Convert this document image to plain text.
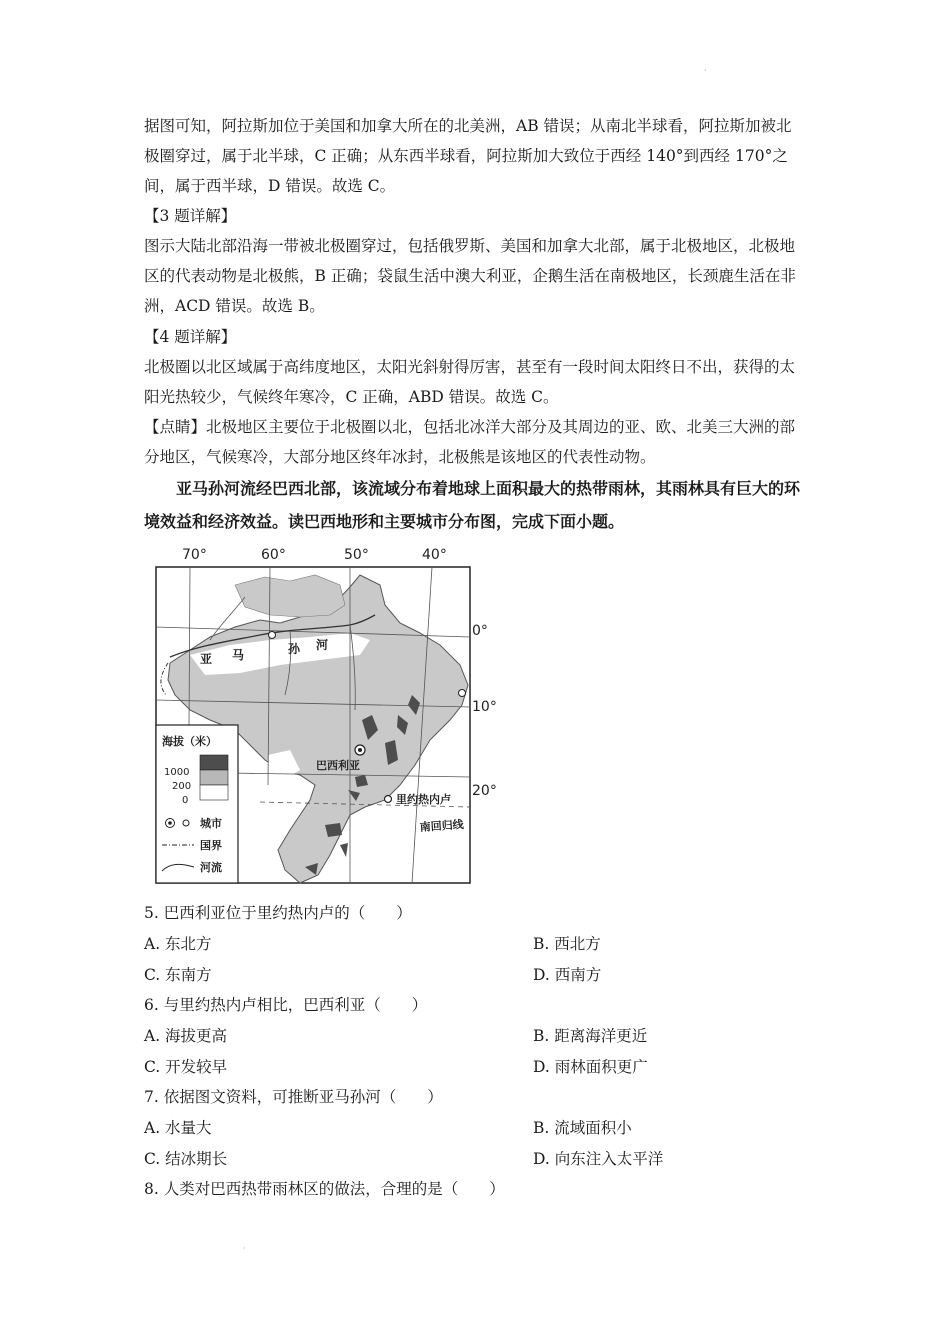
·

据图可知，阿拉斯加位于美国和加拿大所在的北美洲，AB 错误；从南北半球看，阿拉斯加被北极圈穿过，属于北半球，C 正确；从东西半球看，阿拉斯加大致位于西经 140°到西经 170°之间，属于西半球，D 错误。故选 C。

【3 题详解】

图示大陆北部沿海一带被北极圈穿过，包括俄罗斯、美国和加拿大北部，属于北极地区，北极地区的代表动物是北极熊，B 正确；袋鼠生活中澳大利亚，企鹅生活在南极地区，长颈鹿生活在非洲，ACD 错误。故选 B。

【4 题详解】

北极圈以北区域属于高纬度地区，太阳光斜射得厉害，甚至有一段时间太阳终日不出，获得的太阳光热较少，气候终年寒冷，C 正确，ABD 错误。故选 C。

【点睛】北极地区主要位于北极圈以北，包括北冰洋大部分及其周边的亚、欧、北美三大洲的部分地区，气候寒冷，大部分地区终年冰封，北极熊是该地区的代表性动物。

亚马孙河流经巴西北部，该流域分布着地球上面积最大的热带雨林，其雨林具有巨大的环境效益和经济效益。读巴西地形和主要城市分布图，完成下面小题。

70°	60°	50°	40°
0°
10°
20°
亚 马	孙 河
巴西利亚
里约热内卢
南回归线
海拔（米）
1000
200
0
城市
国界
河流

5. 巴西利亚位于里约热内卢的（　　）

A. 东北方	B. 西北方

C. 东南方	D. 西南方

6. 与里约热内卢相比，巴西利亚（　　）

A. 海拔更高	B. 距离海洋更近

C. 开发较早	D. 雨林面积更广

7. 依据图文资料，可推断亚马孙河（　　）

A. 水量大	B. 流域面积小

C. 结冰期长	D. 向东注入太平洋

8. 人类对巴西热带雨林区的做法，合理的是（　　）

·
